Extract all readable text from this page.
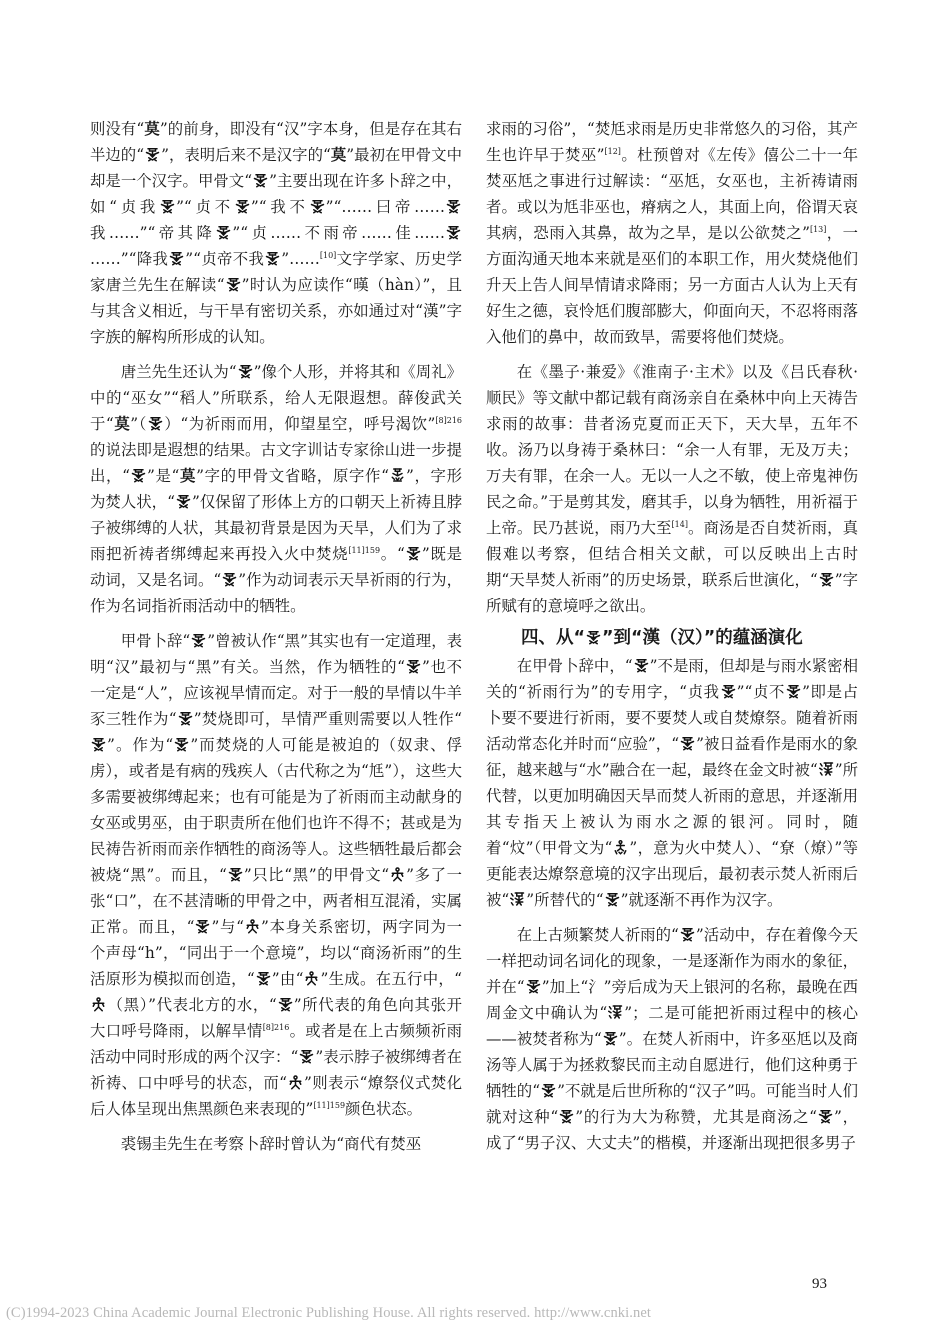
则没有“莫”的前身，即没有“汉”字本身，但是存在其右半边的“ ”，表明后来不是汉字的“莫”最初在甲骨文中却是一个汉字。甲骨文“ ”主要出现在许多卜辞之中，如“贞我 ”“贞不 ”“我不 ”“……曰帝……
我……”“帝其降 ”“贞……不雨帝……佳……
……”“降我 ”“贞帝不我 ”……[10]文字学家、历史学家唐兰先生在解读“ ”时认为应读作“暵（hàn）”，且与其含义相近，与干旱有密切关系，亦如通过对“漢”字字族的解构所形成的认知。

唐兰先生还认为“ ”像个人形，并将其和《周礼》中的“巫女”“稻人”所联系，给人无限遐想。薛俊武关于“莫”（ ）“为祈雨而用，仰望星空，呼号渴饮”$^{[8]216}$的说法即是遐想的结果。古文字训诂专家徐山进一步提出，“ ”是“莫”字的甲骨文省略，原字作“ ”，字形为焚人状，“ ”仅保留了形体上方的口朝天上祈祷且脖子被绑缚的人状，其最初背景是因为天旱，人们为了求雨把祈祷者绑缚起来再投入火中焚烧$^{[11]159}$。“ ”既是动词，又是名词。“ ”作为动词表示天旱祈雨的行为，作为名词指祈雨活动中的牺牲。

甲骨卜辞“ ”曾被认作“黑”其实也有一定道理，表明“汉”最初与“黑”有关。当然，作为牺牲的“ ”也不一定是“人”，应该视旱情而定。对于一般的旱情以牛羊豕三牲作为“ ”焚烧即可，旱情严重则需要以人牲作“
”。作为“ ”而焚烧的人可能是被迫的（奴隶、俘虏），或者是有病的残疾人（古代称之为“尪”），这些大多需要被绑缚起来；也有可能是为了祈雨而主动献身的女巫或男巫，由于职责所在他们也许不得不；甚或是为民祷告祈雨而亲作牺牲的商汤等人。这些牺牲最后都会被烧“黑”。而且，“ ”只比“黑”的甲骨文“ ”多了一张“口”，在不甚清晰的甲骨之中，两者相互混淆，实属正常。而且，“ ”与“ ”本身关系密切，两字同为一个声母“h”，“同出于一个意境”，均以“商汤祈雨”的生活原形为模拟而创造，“ ”由“ ”生成。在五行中，“
（黑）”代表北方的水，“ ”所代表的角色向其张开大口呼号降雨，以解旱情$^{[8]216}$。或者是在上古频频祈雨活动中同时形成的两个汉字：“ ”表示脖子被绑缚者在祈祷、口中呼号的状态，而“ ”则表示“燎祭仪式焚化后人体呈现出焦黑颜色来表现的”$^{[11]159}$颜色状态。

裘锡圭先生在考察卜辞时曾认为“商代有焚巫

求雨的习俗”，“焚尪求雨是历史非常悠久的习俗，其产生也许早于焚巫”[12]。杜预曾对《左传》僖公二十一年焚巫尪之事进行过解读：“巫尪，女巫也，主祈祷请雨者。或以为尪非巫也，瘠病之人，其面上向，俗谓天哀其病，恐雨入其鼻，故为之旱，是以公欲焚之”[13]，一方面沟通天地本来就是巫们的本职工作，用火焚烧他们升天上告人间旱情请求降雨；另一方面古人认为上天有好生之德，哀怜尪们腹部膨大，仰面向天，不忍将雨落入他们的鼻中，故而致旱，需要将他们焚烧。

在《墨子·兼爱》《淮南子·主术》以及《吕氏春秋·顺民》等文献中都记载有商汤亲自在桑林中向上天祷告求雨的故事：昔者汤克夏而正天下，天大旱，五年不收。汤乃以身祷于桑林曰：“余一人有罪，无及万夫；万夫有罪，在余一人。无以一人之不敏，使上帝鬼神伤民之命。”于是剪其发，磨其手，以身为牺牲，用祈福于上帝。民乃甚说，雨乃大至[14]。商汤是否自焚祈雨，真假难以考察，但结合相关文献，可以反映出上古时期“天旱焚人祈雨”的历史场景，联系后世演化，“ ”字所赋有的意境呼之欲出。

四、从“ ”到“漢（汉）”的蕴涵演化

在甲骨卜辞中，“ ”不是雨，但却是与雨水紧密相关的“祈雨行为”的专用字，“贞我 ”“贞不 ”即是占卜要不要进行祈雨，要不要焚人或自焚燎祭。随着祈雨活动常态化并时而“应验”，“ ”被日益看作是雨水的象征，越来越与“水”融合在一起，最终在金文时被“ ”所代替，以更加明确因天旱而焚人祈雨的意思，并逐渐用其专指天上被认为雨水之源的银河。同时，随着“炆”（甲骨文为“ ”，意为火中焚人）、“尞（燎）”等更能表达燎祭意境的汉字出现后，最初表示焚人祈雨后被“ ”所替代的“ ”就逐渐不再作为汉字。

在上古频繁焚人祈雨的“ ”活动中，存在着像今天一样把动词名词化的现象，一是逐渐作为雨水的象征，并在“ ”加上“氵”旁后成为天上银河的名称，最晚在西周金文中确认为“ ”；二是可能把祈雨过程中的核心——被焚者称为“ ”。在焚人祈雨中，许多巫尪以及商汤等人属于为拯救黎民而主动自愿进行，他们这种勇于牺牲的“ ”不就是后世所称的“汉子”吗。可能当时人们就对这种“ ”的行为大为称赞，尤其是商汤之“ ”，成了“男子汉、大丈夫”的楷模，并逐渐出现把很多男子

93
(C)1994-2023 China Academic Journal Electronic Publishing House. All rights reserved. http://www.cnki.net
